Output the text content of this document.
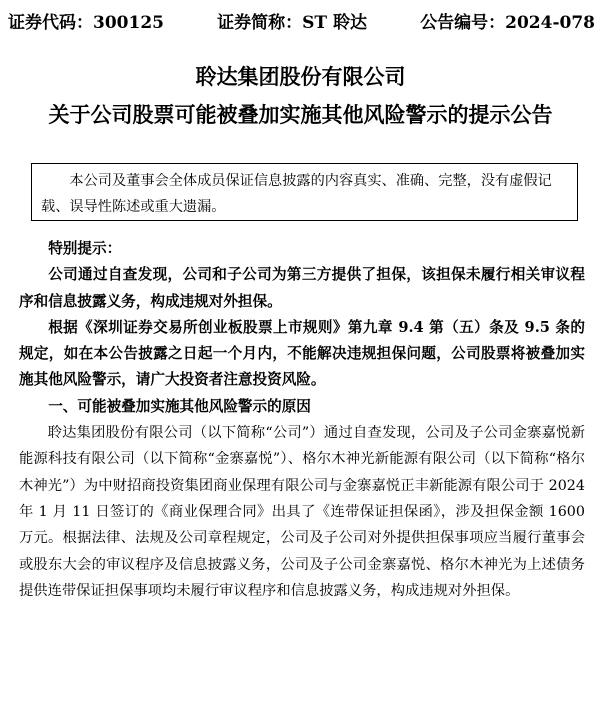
证券代码：300125	证券简称：ST 聆达	公告编号：2024-078
聆达集团股份有限公司
关于公司股票可能被叠加实施其他风险警示的提示公告

本公司及董事会全体成员保证信息披露的内容真实、准确、完整，没有虚假记载、误导性陈述或重大遗漏。

特别提示：

公司通过自查发现，公司和子公司为第三方提供了担保，该担保未履行相关审议程序和信息披露义务，构成违规对外担保。

根据《深圳证券交易所创业板股票上市规则》第九章 9.4 第（五）条及 9.5 条的规定，如在本公告披露之日起一个月内，不能解决违规担保问题，公司股票将被叠加实施其他风险警示，请广大投资者注意投资风险。

一、可能被叠加实施其他风险警示的原因

聆达集团股份有限公司（以下简称“公司”）通过自查发现，公司及子公司金寨嘉悦新能源科技有限公司（以下简称“金寨嘉悦”）、格尔木神光新能源有限公司（以下简称“格尔木神光”）为中财招商投资集团商业保理有限公司与金寨嘉悦正丰新能源有限公司于 2024 年 1 月 11 日签订的《商业保理合同》出具了《连带保证担保函》，涉及担保金额 1600 万元。根据法律、法规及公司章程规定，公司及子公司对外提供担保事项应当履行董事会或股东大会的审议程序及信息披露义务，公司及子公司金寨嘉悦、格尔木神光为上述债务提供连带保证担保事项均未履行审议程序和信息披露义务，构成违规对外担保。
